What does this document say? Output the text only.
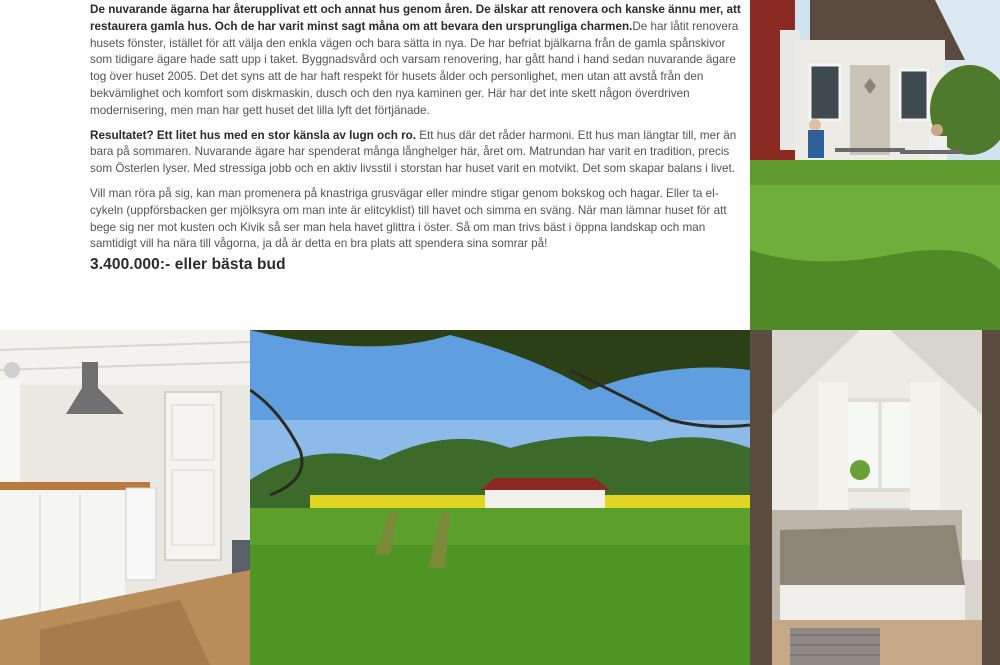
De nuvarande ägarna har återupplivat ett och annat hus genom åren. De älskar att renovera och kanske ännu mer, att restaurera gamla hus. Och de har varit minst sagt måna om att bevara den ursprungliga charmen.De har låtit renovera husets fönster, istället för att välja den enkla vägen och bara sätta in nya. De har befriat bjälkarna från de gamla spånskivor som tidigare ägare hade satt upp i taket. Byggnadsvård och varsam renovering, har gått hand i hand sedan nuvarande ägare tog över huset 2005. Det det syns att de har haft respekt för husets ålder och personlighet, men utan att avstå från den bekvämlighet och komfort som diskmaskin, dusch och den nya kaminen ger. Här har det inte skett någon överdriven modernisering, men man har gett huset det lilla lyft det förtjänade.

Resultatet? Ett litet hus med en stor känsla av lugn och ro. Ett hus där det råder harmoni. Ett hus man längtar till, mer än bara på sommaren. Nuvarande ägare har spenderat många långhelger här, året om. Matrundan har varit en tradition, precis som Österlen lyser. Med stressiga jobb och en aktiv livsstil i storstan har huset varit en motvikt. Det som skapar balans i livet.

Vill man röra på sig, kan man promenera på knastriga grusvägar eller mindre stigar genom bokskog och hagar. Eller ta el-cykeln (uppförsbacken ger mjölksyra om man inte är elitcyklist) till havet och simma en sväng. När man lämnar huset för att bege sig ner mot kusten och Kivik så ser man hela havet glittra i öster. Så om man trivs bäst i öppna landskap och man samtidigt vill ha nära till vågorna, ja då är detta en bra plats att spendera sina somrar på!

3.400.000:- eller bästa bud
